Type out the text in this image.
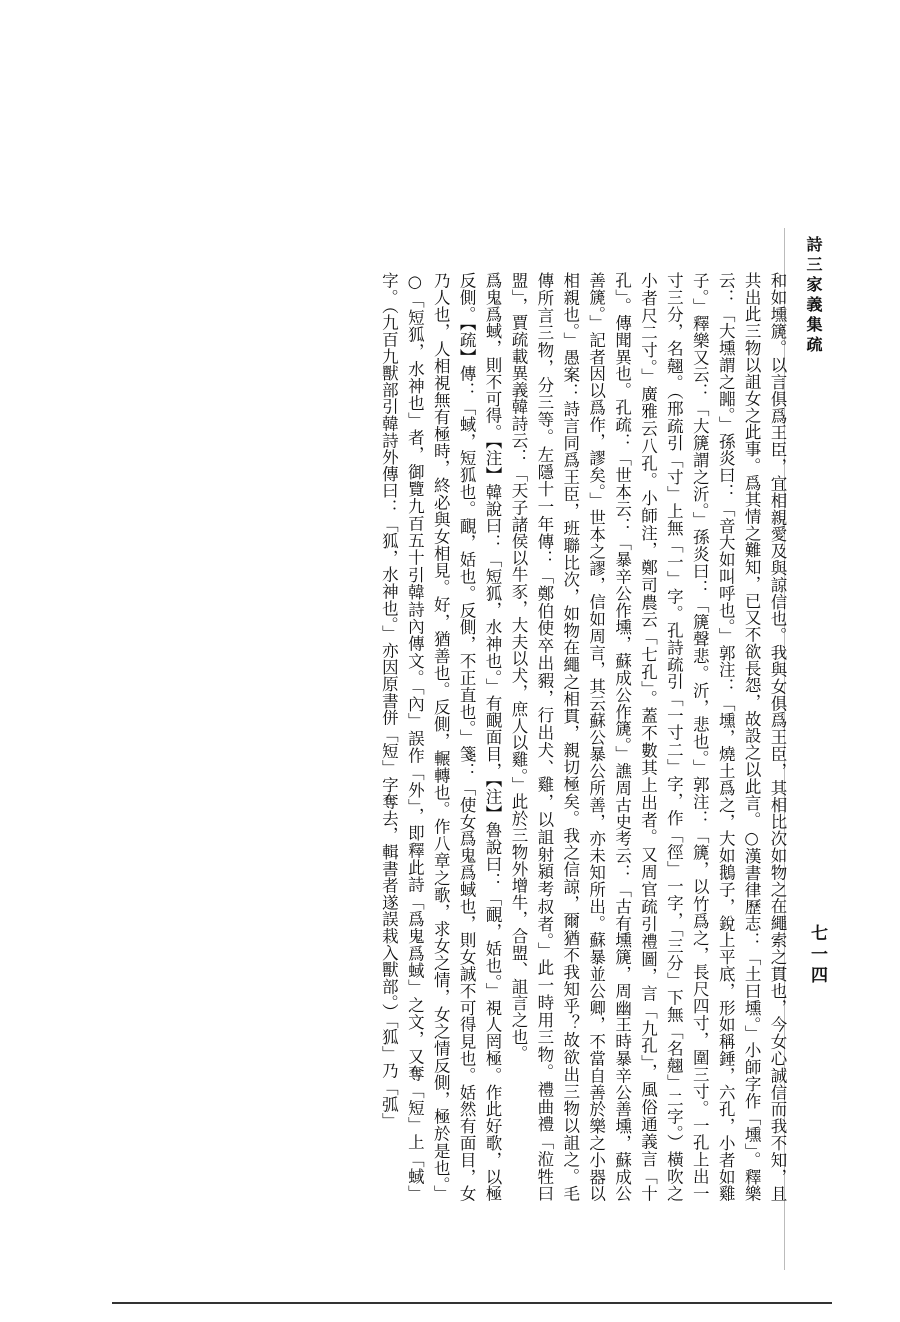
詩三家義集疏
七一四

和如壎篪。以言俱爲王臣，宜相親愛及與諒信也。我與女俱爲王臣，其相比次如物之在繩索之貫也，今女心誠信而我不知，且共出此三物以詛女之此事。爲其情之難知，已又不欲長怨，故設之以此言。○漢書律歷志：「土曰壎。」小師字作「壎」。釋樂云：「大壎謂之嘂。」孫炎曰：「音大如叫呼也。」郭注：「壎，燒土爲之，大如鵝子，銳上平底，形如稱錘，六孔，小者如雞子。」釋樂又云：「大篪謂之沂。」孫炎曰：「篪聲悲。沂，悲也。」郭注：「篪，以竹爲之，長尺四寸，圍三寸。一孔上出一寸三分，名翹。（邢疏引「寸」上無「一」字。孔詩疏引「一寸二」字，作「徑」一字，「三分」下無「名翹」二字。）橫吹之小者尺二寸。」廣雅云八孔。小師注，鄭司農云「七孔」。蓋不數其上出者。又周官疏引禮圖，言「九孔」，風俗通義言「十孔」。傳聞異也。孔疏：「世本云：「暴辛公作壎，蘇成公作篪。」譙周古史考云：「古有壎篪，周幽王時暴辛公善壎，蘇成公善篪。」記者因以爲作，謬矣。」世本之謬，信如周言，其云蘇公暴公所善，亦未知所出。蘇暴並公卿，不當自善於樂之小器以相親也。」愚案：詩言同爲王臣，班聯比次，如物在繩之相貫，親切極矣。我之信諒，爾猶不我知乎？故欲出三物以詛之。毛傳所言三物，分三等。左隱十一年傳：「鄭伯使卒出豭，行出犬、雞，以詛射潁考叔者。」此一時用三物。禮曲禮「涖牲曰盟」，賈疏載異義韓詩云：「天子諸侯以牛豕，大夫以犬，庶人以雞。」此於三物外增牛，合盟、詛言之也。

爲鬼爲蜮，則不可得。【注】韓說曰：「短狐，水神也。」有靦面目，【注】魯說曰：「靦，姡也。」視人罔極。作此好歌，以極反側。【疏】傳：「蜮，短狐也。靦，姡也。反側，不正直也。」箋：「使女爲鬼爲蜮也，則女誠不可得見也。姡然有面目，女乃人也，人相視無有極時，終必與女相見。好，猶善也。反側，輾轉也。作八章之歌，求女之情，女之情反側，極於是也。」○「短狐，水神也」者，御覽九百五十引韓詩內傳文。「內」誤作「外」，即釋此詩「爲鬼爲蜮」之文，又奪「短」上「蜮」字。（九百九獸部引韓詩外傳曰：「狐，水神也。」亦因原書併「短」字奪去，輯書者遂誤栽入獸部。）「狐」乃「弧」
